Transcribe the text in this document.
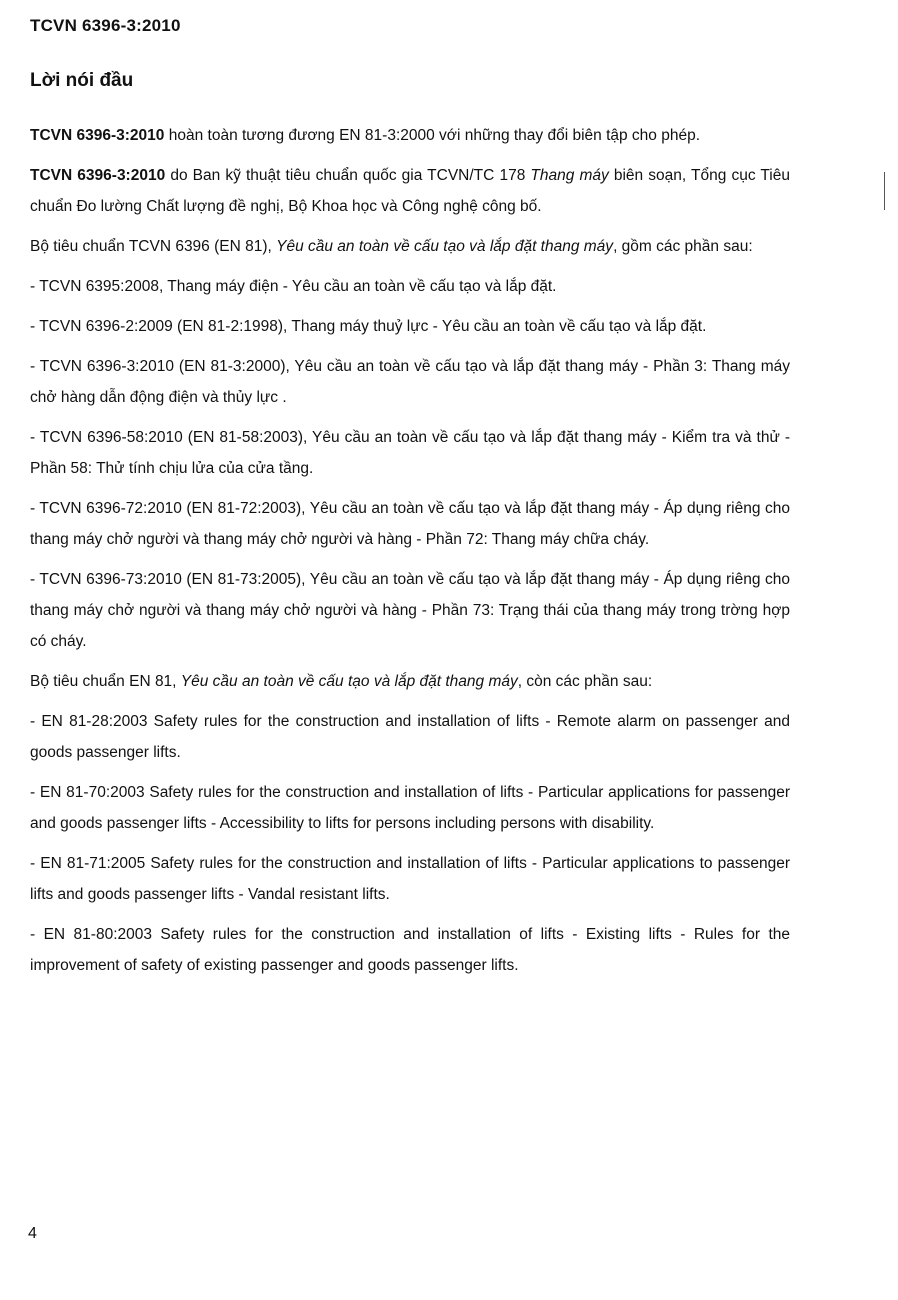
TCVN 6396-3:2010
Lời nói đầu

TCVN 6396-3:2010 hoàn toàn tương đương EN 81-3:2000 với những thay đổi biên tập cho phép.

TCVN 6396-3:2010 do Ban kỹ thuật tiêu chuẩn quốc gia TCVN/TC 178 Thang máy biên soạn, Tổng cục Tiêu chuẩn Đo lường Chất lượng đề nghị, Bộ Khoa học và Công nghệ công bố.

Bộ tiêu chuẩn TCVN 6396 (EN 81), Yêu cầu an toàn về cấu tạo và lắp đặt thang máy, gồm các phần sau:

- TCVN 6395:2008, Thang máy điện - Yêu cầu an toàn về cấu tạo và lắp đặt.

- TCVN 6396-2:2009 (EN 81-2:1998), Thang máy thuỷ lực - Yêu cầu an toàn về cấu tạo và lắp đặt.

- TCVN 6396-3:2010 (EN 81-3:2000), Yêu cầu an toàn về cấu tạo và lắp đặt thang máy - Phần 3: Thang máy chở hàng dẫn động điện và thủy lực .

- TCVN 6396-58:2010 (EN 81-58:2003), Yêu cầu an toàn về cấu tạo và lắp đặt thang máy - Kiểm tra và thử - Phần 58: Thử tính chịu lửa của cửa tầng.

- TCVN 6396-72:2010 (EN 81-72:2003), Yêu cầu an toàn về cấu tạo và lắp đặt thang máy - Áp dụng riêng cho thang máy chở người và thang máy chở người và hàng - Phần 72: Thang máy chữa cháy.

- TCVN 6396-73:2010 (EN 81-73:2005), Yêu cầu an toàn về cấu tạo và lắp đặt thang máy - Áp dụng riêng cho thang máy chở người và thang máy chở người và hàng - Phần 73: Trạng thái của thang máy trong trờng hợp có cháy.

Bộ tiêu chuẩn EN 81, Yêu cầu an toàn về cấu tạo và lắp đặt thang máy, còn các phần sau:

- EN 81-28:2003 Safety rules for the construction and installation of lifts - Remote alarm on passenger and goods passenger lifts.

- EN 81-70:2003 Safety rules for the construction and installation of lifts - Particular applications for passenger and goods passenger lifts - Accessibility to lifts for persons including persons with disability.

- EN 81-71:2005 Safety rules for the construction and installation of lifts - Particular applications to passenger lifts and goods passenger lifts - Vandal resistant lifts.

- EN 81-80:2003 Safety rules for the construction and installation of lifts - Existing lifts - Rules for the improvement of safety of existing passenger and goods passenger lifts.

4
